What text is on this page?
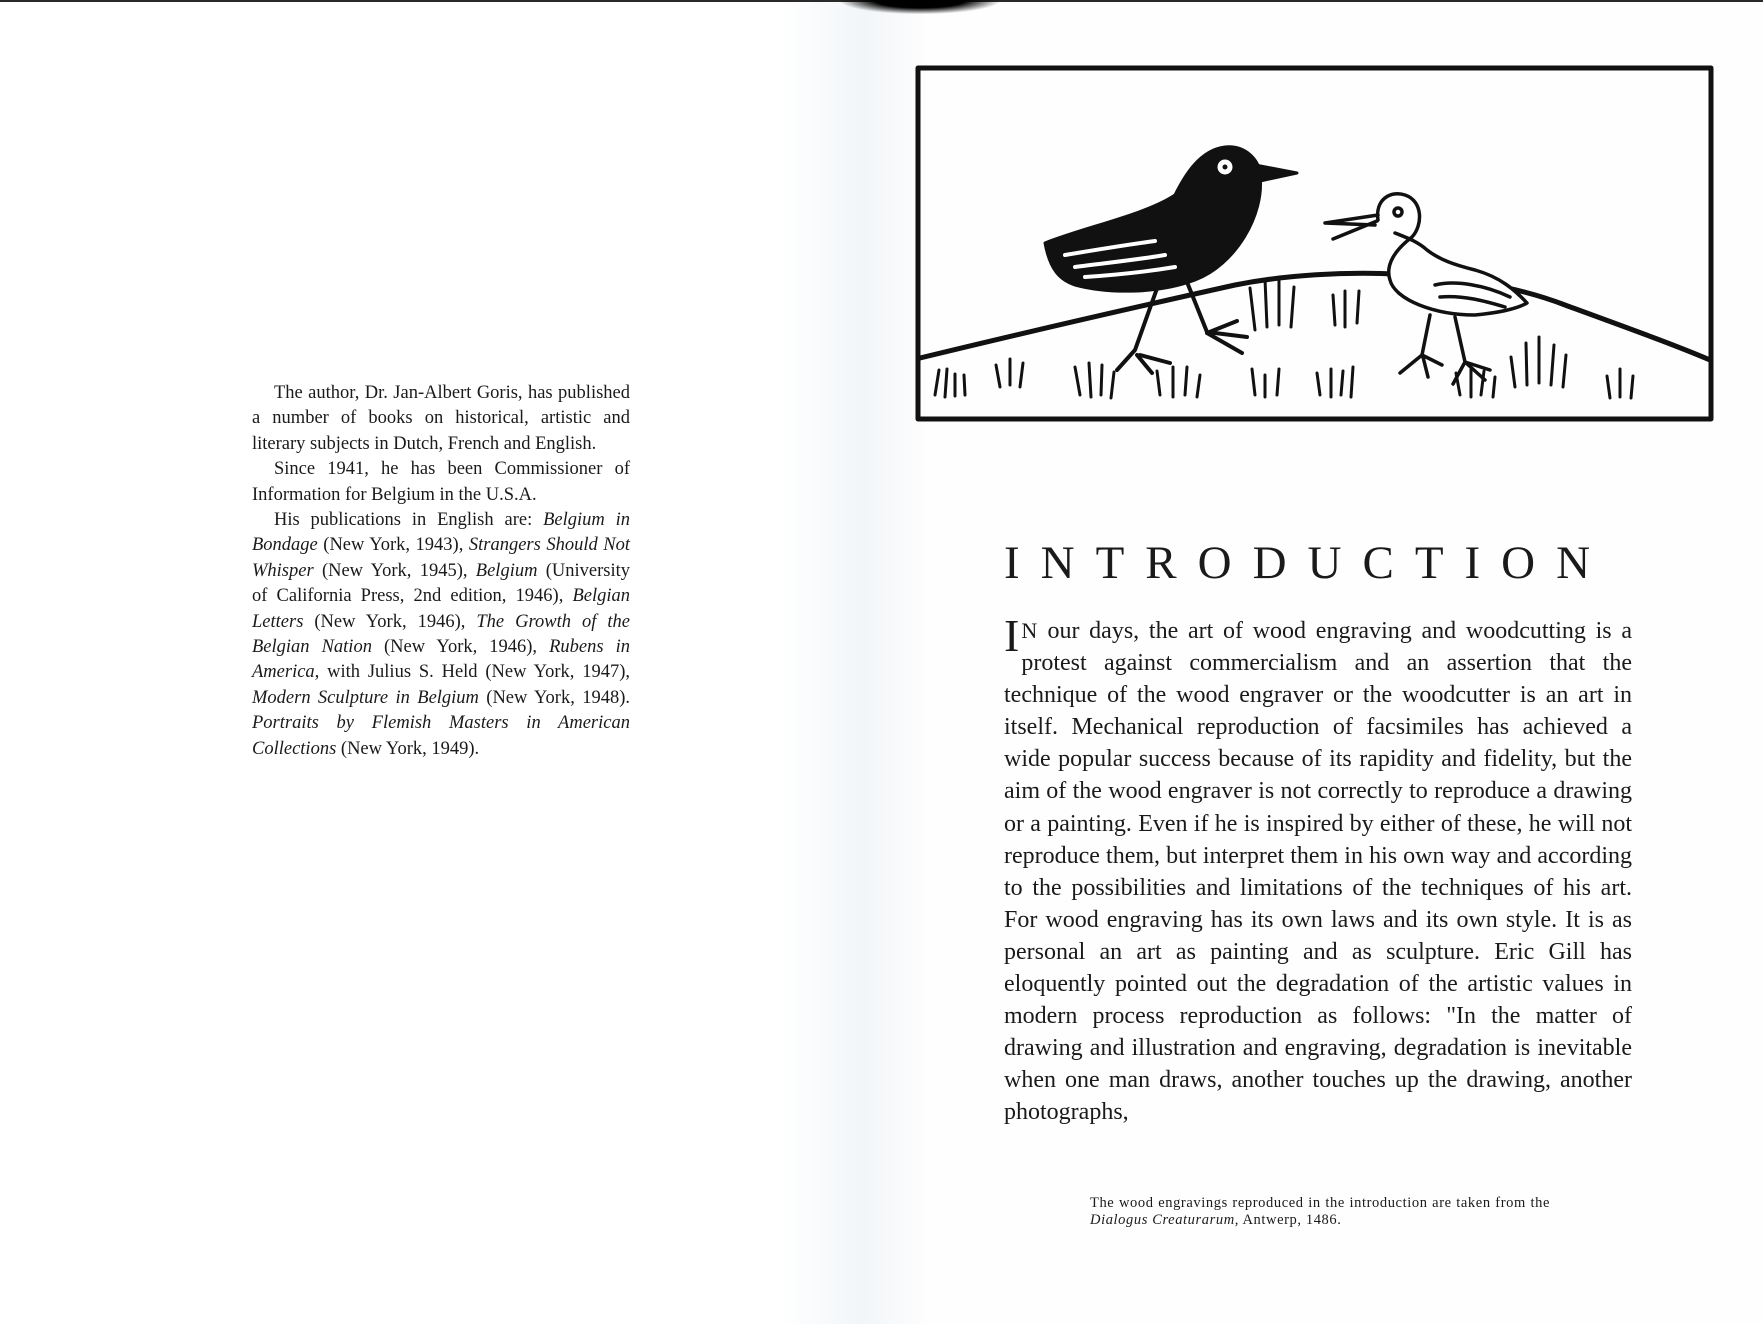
The author, Dr. Jan-Albert Goris, has published a number of books on historical, artistic and literary subjects in Dutch, French and English.

Since 1941, he has been Commissioner of Information for Belgium in the U.S.A.

His publications in English are: Belgium in Bondage (New York, 1943), Strangers Should Not Whisper (New York, 1945), Belgium (University of California Press, 2nd edition, 1946), Belgian Letters (New York, 1946), The Growth of the Belgian Nation (New York, 1946), Rubens in America, with Julius S. Held (New York, 1947), Modern Sculpture in Belgium (New York, 1948). Portraits by Flemish Masters in American Collections (New York, 1949).

INTRODUCTION
I N our days, the art of wood engraving and woodcutting is a protest against commercialism and an assertion that the technique of the wood engraver or the woodcutter is an art in itself. Mechanical reproduction of facsimiles has achieved a wide popular success because of its rapidity and fidelity, but the aim of the wood engraver is not correctly to reproduce a drawing or a painting. Even if he is inspired by either of these, he will not reproduce them, but interpret them in his own way and according to the possibilities and limitations of the techniques of his art. For wood engraving has its own laws and its own style. It is as personal an art as painting and as sculpture. Eric Gill has eloquently pointed out the degradation of the artistic values in modern process reproduction as follows: "In the matter of drawing and illustration and engraving, degradation is inevitable when one man draws, another touches up the drawing, another photographs,
The wood engravings reproduced in the introduction are taken from the Dialogus Creaturarum, Antwerp, 1486.
